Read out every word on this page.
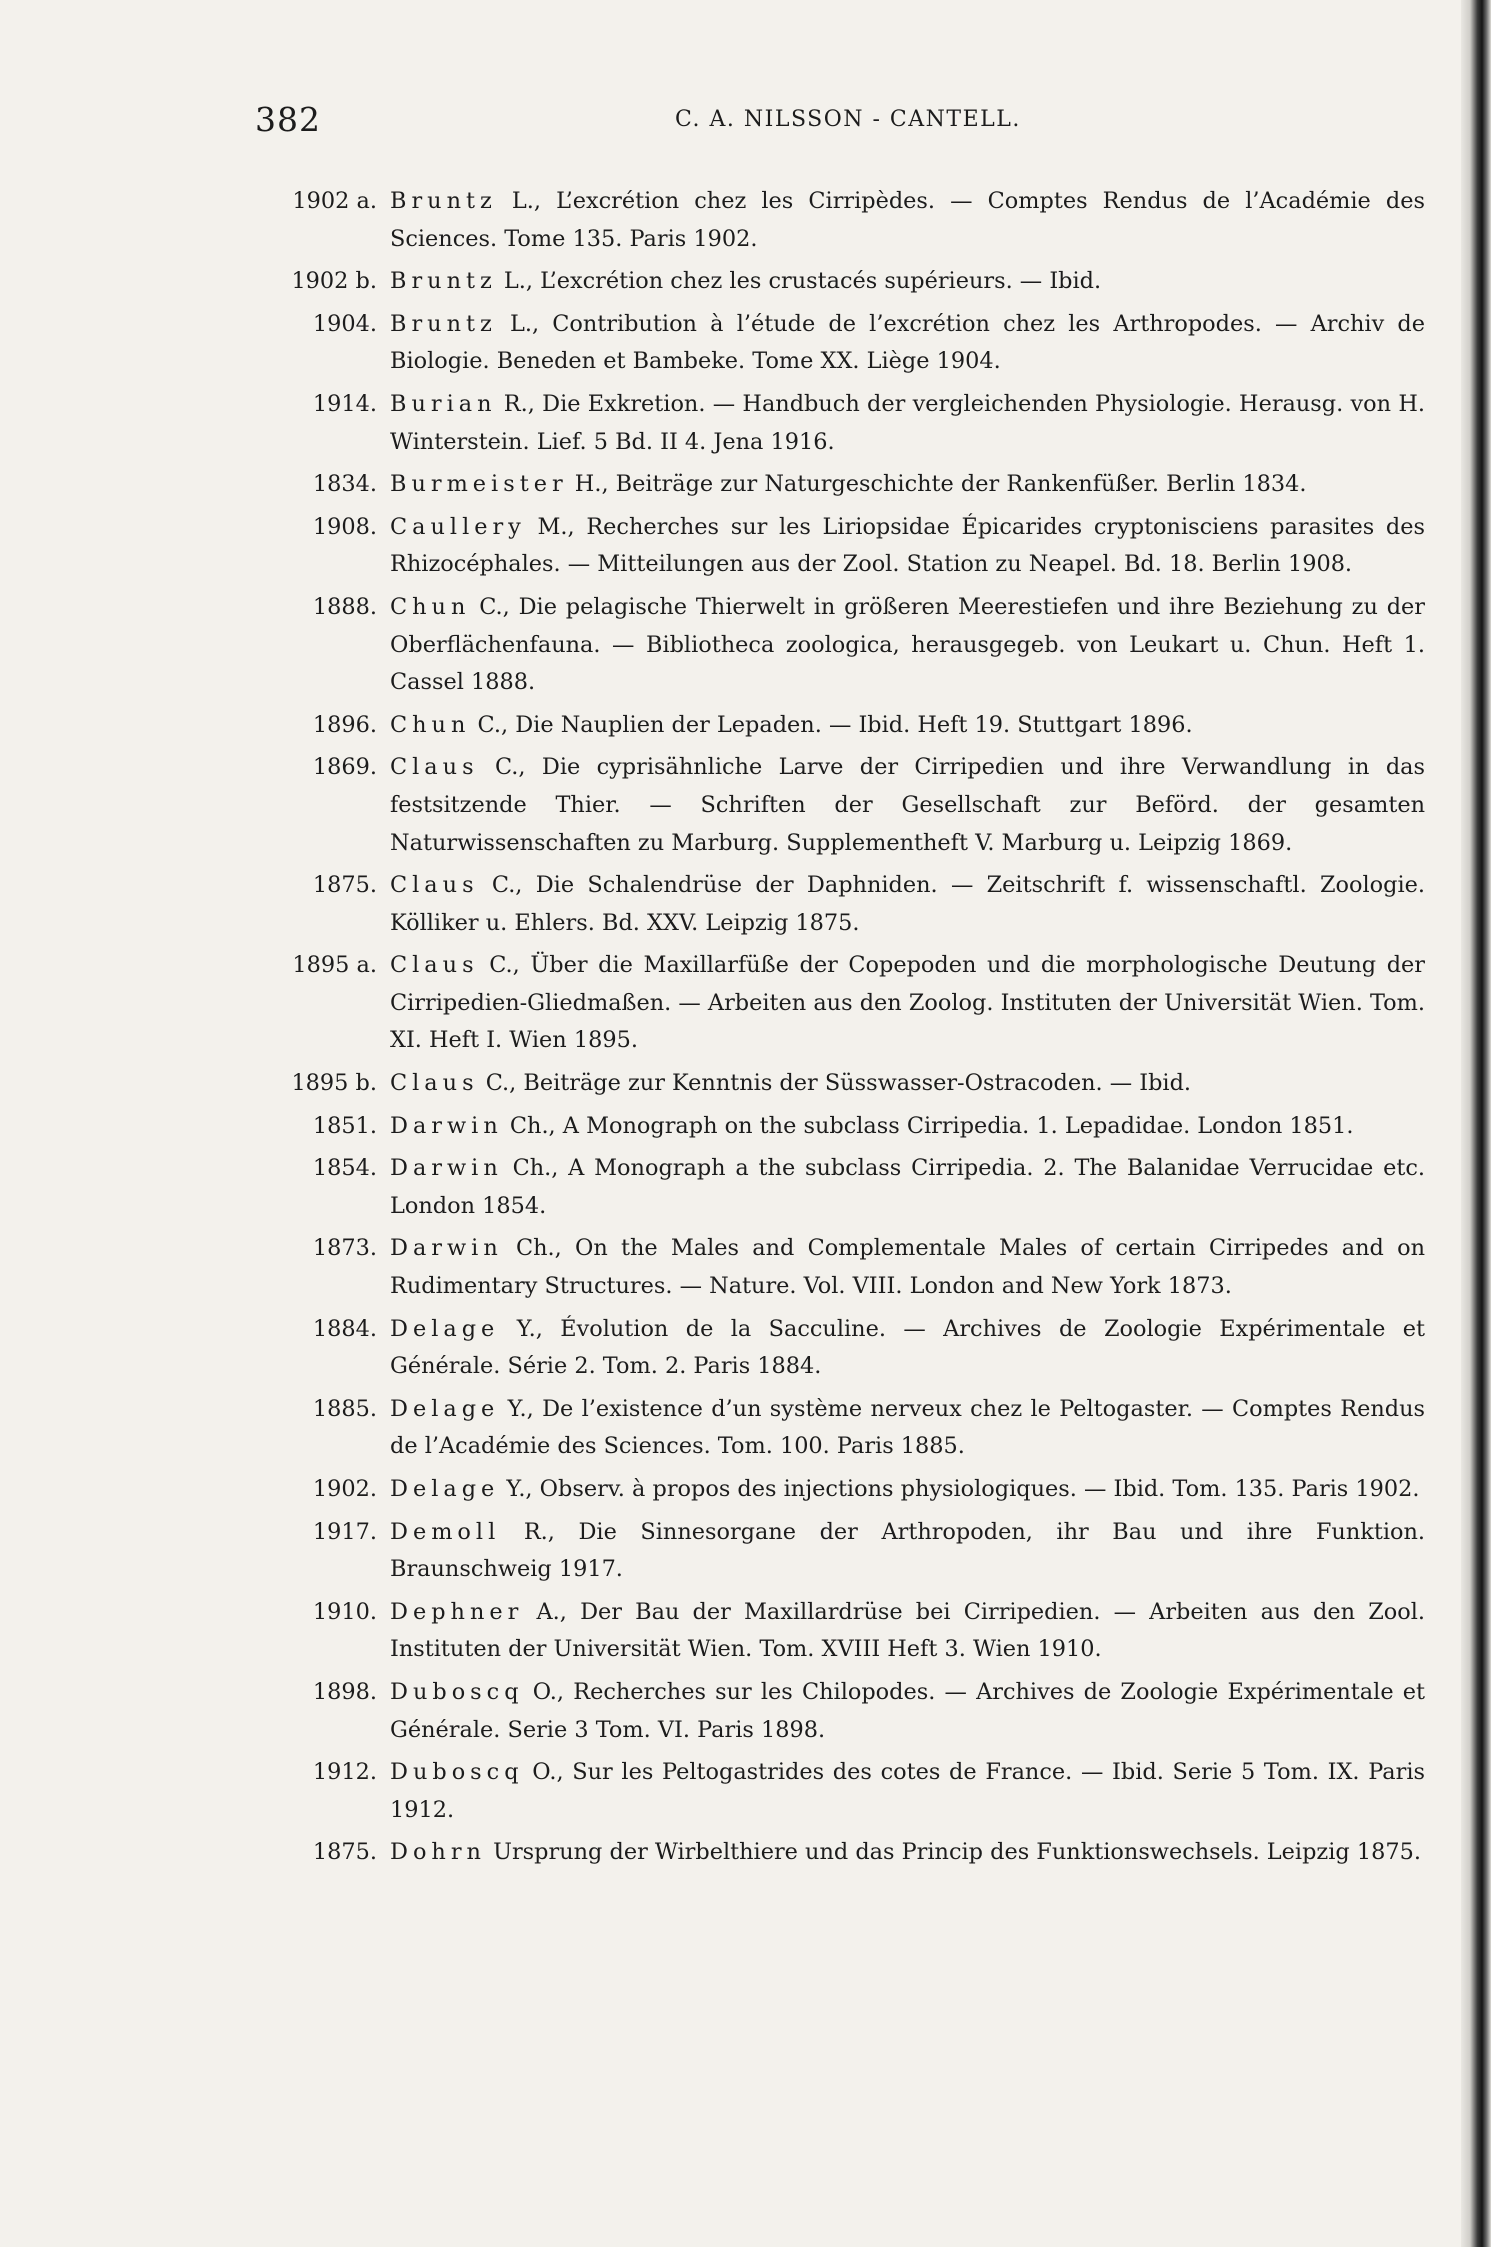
382	C. A. NILSSON - CANTELL.
1902 a. Bruntz L., L’excrétion chez les Cirripèdes. — Comptes Rendus de l’Académie des Sciences. Tome 135. Paris 1902.
1902 b. Bruntz L., L’excrétion chez les crustacés supérieurs. — Ibid.
1904. Bruntz L., Contribution à l’étude de l’excrétion chez les Arthropodes. — Archiv de Biologie. Beneden et Bambeke. Tome XX. Liège 1904.
1914. Burian R., Die Exkretion. — Handbuch der vergleichenden Physiologie. Herausg. von H. Winterstein. Lief. 5 Bd. II 4. Jena 1916.
1834. Burmeister H., Beiträge zur Naturgeschichte der Rankenfüßer. Berlin 1834.
1908. Caullery M., Recherches sur les Liriopsidae Épicarides cryptonisciens parasites des Rhizocéphales. — Mitteilungen aus der Zool. Station zu Neapel. Bd. 18. Berlin 1908.
1888. Chun C., Die pelagische Thierwelt in größeren Meerestiefen und ihre Beziehung zu der Oberflächenfauna. — Bibliotheca zoologica, herausgegeb. von Leukart u. Chun. Heft 1. Cassel 1888.
1896. Chun C., Die Nauplien der Lepaden. — Ibid. Heft 19. Stuttgart 1896.
1869. Claus C., Die cyprisähnliche Larve der Cirripedien und ihre Verwandlung in das festsitzende Thier. — Schriften der Gesellschaft zur Beförd. der gesamten Naturwissenschaften zu Marburg. Supplementheft V. Marburg u. Leipzig 1869.
1875. Claus C., Die Schalendrüse der Daphniden. — Zeitschrift f. wissenschaftl. Zoologie. Kölliker u. Ehlers. Bd. XXV. Leipzig 1875.
1895 a. Claus C., Über die Maxillarfüße der Copepoden und die morphologische Deutung der Cirripedien-Gliedmaßen. — Arbeiten aus den Zoolog. Instituten der Universität Wien. Tom. XI. Heft I. Wien 1895.
1895 b. Claus C., Beiträge zur Kenntnis der Süsswasser-Ostracoden. — Ibid.
1851. Darwin Ch., A Monograph on the subclass Cirripedia. 1. Lepadidae. London 1851.
1854. Darwin Ch., A Monograph a the subclass Cirripedia. 2. The Balanidae Verrucidae etc. London 1854.
1873. Darwin Ch., On the Males and Complementale Males of certain Cirripedes and on Rudimentary Structures. — Nature. Vol. VIII. London and New York 1873.
1884. Delage Y., Évolution de la Sacculine. — Archives de Zoologie Expérimentale et Générale. Série 2. Tom. 2. Paris 1884.
1885. Delage Y., De l’existence d’un système nerveux chez le Peltogaster. — Comptes Rendus de l’Académie des Sciences. Tom. 100. Paris 1885.
1902. Delage Y., Observ. à propos des injections physiologiques. — Ibid. Tom. 135. Paris 1902.
1917. Demoll R., Die Sinnesorgane der Arthropoden, ihr Bau und ihre Funktion. Braunschweig 1917.
1910. Dephner A., Der Bau der Maxillardrüse bei Cirripedien. — Arbeiten aus den Zool. Instituten der Universität Wien. Tom. XVIII Heft 3. Wien 1910.
1898. Duboscq O., Recherches sur les Chilopodes. — Archives de Zoologie Expérimentale et Générale. Serie 3 Tom. VI. Paris 1898.
1912. Duboscq O., Sur les Peltogastrides des cotes de France. — Ibid. Serie 5 Tom. IX. Paris 1912.
1875. Dohrn Ursprung der Wirbelthiere und das Princip des Funktionswechsels. Leipzig 1875.
